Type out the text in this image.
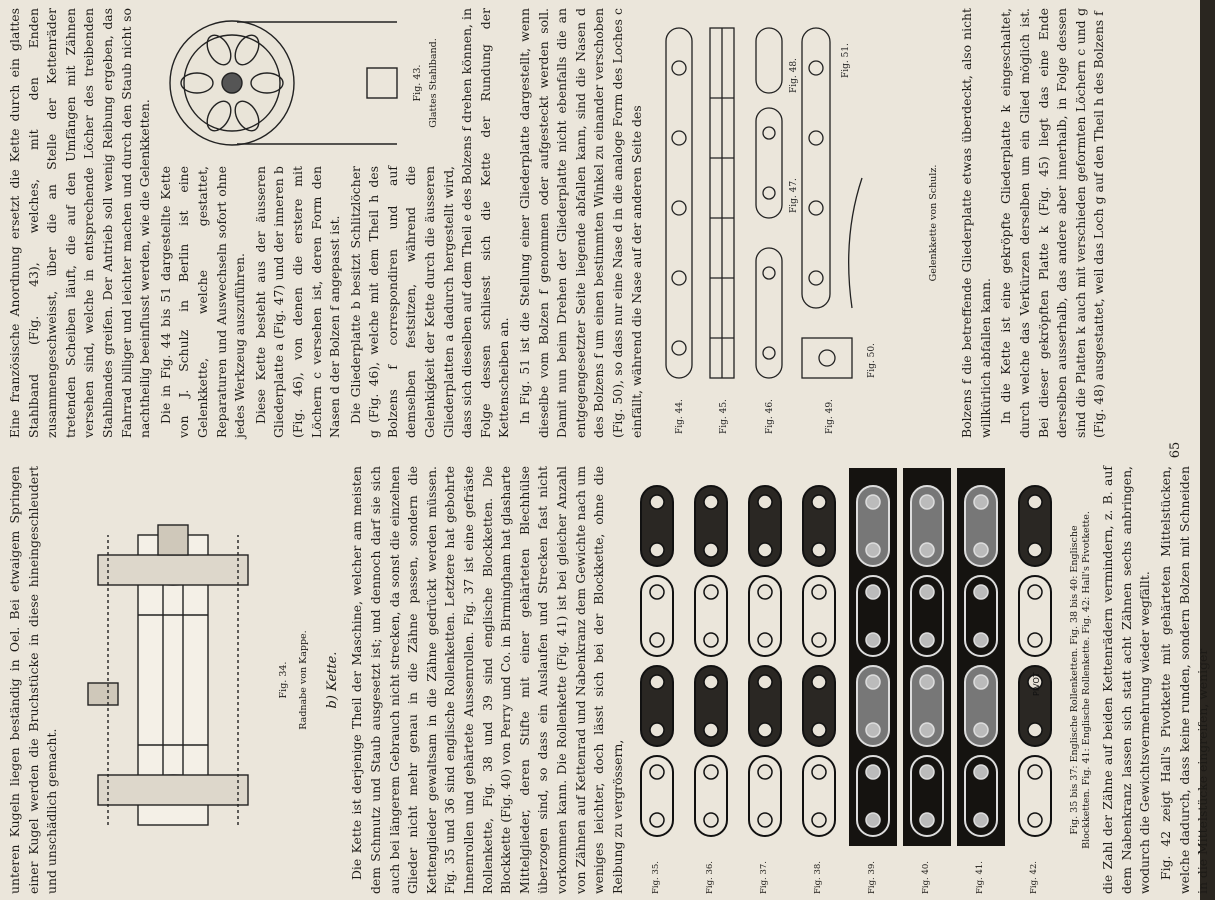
unteren Kugeln liegen beständig in Oel. Bei etwaigem Springen einer Kugel werden die Bruchstücke in diese hineingeschleudert und unschädlich gemacht.

Fig. 34. Radnabe von Kappe. b) Kette. Die Kette ist derjenige Theil der Maschine, welcher am meisten dem Schmutz und Staub ausgesetzt ist; und dennoch darf sie sich auch bei längerem Gebrauch nicht strecken, da sonst die einzelnen Glieder nicht mehr genau in die Zähne passen, sondern die Kettenglieder gewaltsam in die Zähne gedrückt werden müssen. Fig. 35 und 36 sind englische Rollenketten. Letztere hat gebohrte Innenrollen und gehärtete Aussenrollen. Fig. 37 ist eine gefräste Rollenkette, Fig. 38 und 39 sind englische Blockketten. Die Blockkette (Fig. 40) von Perry und Co. in Birmingham hat glasharte Mittelglieder, deren Stifte mit einer gehärteten Blechhülse überzogen sind, so dass ein Auslaufen und Strecken fast nicht vorkommen kann. Die Rollenkette (Fig. 41) ist bei gleicher Anzahl von Zähnen auf Kettenrad und Nabenkranz dem Gewichte nach um weniges leichter, doch lässt sich bei der Blockkette, ohne die Reibung zu vergrössern,	Fig. 35.	Fig. 36.	Fig. 37.	Fig. 38.	Fig. 39.	Fig. 40.	Fig. 41.	Fig. 42.
PIVOT	Fig. 35 bis 37: Englische Rollenketten. Fig. 38 bis 40: Englische Blockketten. Fig. 41: Englische Rollenkette. Fig. 42: Hall's Pivotkette. die Zahl der Zähne auf beiden Kettenrädern vermindern, z. B. auf dem Nabenkranz lassen sich statt acht Zähnen sechs anbringen, wodurch die Gewichtsvermehrung wieder wegfällt. Fig. 42 zeigt Hall's Pivotkette mit gehärteten Mittelstücken, welche dadurch, dass keine runden, sondern Bolzen mit Schneiden in die Mittelstücke eingreifen, weniger

Eine französische Anordnung ersetzt die Kette durch ein glattes Stahlband (Fig. 43), welches, mit den Enden zusammengeschweisst, über die an Stelle der Kettenräder tretenden Scheiben läuft, die auf den Umfängen mit Zähnen versehen sind, welche in entsprechende Löcher des treibenden Stahlbandes greifen. Der Antrieb soll wenig Reibung ergeben, das Fahrrad billiger und leichter machen und durch den Staub nicht so nachtheilig beeinflusst werden, wie die Gelenkketten.

Fig. 43. Glattes Stahlband.

Die in Fig. 44 bis 51 dargestellte Kette von J. Schulz in Berlin ist eine Gelenkkette, welche gestattet, Reparaturen und Auswechseln sofort ohne jedes Werkzeug auszuführen. Diese Kette besteht aus der äusseren Gliederplatte a (Fig. 47) und der inneren b (Fig. 46), von denen die erstere mit Löchern c versehen ist, deren Form den Nasen d der Bolzen f angepasst ist. Die Gliederplatte b besitzt Schlitzlöcher g (Fig. 46), welche mit dem Theil h des Bolzens f correspondiren und auf demselben festsitzen, während die Gelenkigkeit der Kette durch die äusseren Gliederplatten a dadurch hergestellt wird, dass sich dieselben auf dem Theil e des Bolzens f drehen können, in Folge dessen schliesst sich die Kette der Rundung der Kettenscheiben an. In Fig. 51 ist die Stellung einer Gliederplatte dargestellt, wenn dieselbe vom Bolzen f genommen oder aufgesteckt werden soll. Damit nun beim Drehen der Gliederplatte nicht ebenfalls die an entgegengesetzter Seite liegende abfallen kann, sind die Nasen d des Bolzens f um einen bestimmten Winkel zu einander verschoben (Fig. 50), so dass nur eine Nase d in die analoge Form des Loches c einfällt, während die Nase auf der anderen Seite des	Fig. 44.	Fig. 45.	Fig. 46.
Fig. 47.
Fig. 48.
Fig. 49.
Fig. 50.
Fig. 51.
Gelenkkette von Schulz. Bolzens f die betreffende Gliederplatte etwas überdeckt, also nicht willkürlich abfallen kann. In die Kette ist eine gekröpfte Gliederplatte k eingeschaltet, durch welche das Verkürzen derselben um ein Glied möglich ist. Bei dieser gekröpften Platte k (Fig. 45) liegt das eine Ende derselben ausserhalb, das andere aber innerhalb, in Folge dessen sind die Platten k auch mit verschieden geformten Löchern c und g (Fig. 48) ausgestattet, weil das Loch g auf den Theil h des Bolzens f

65
